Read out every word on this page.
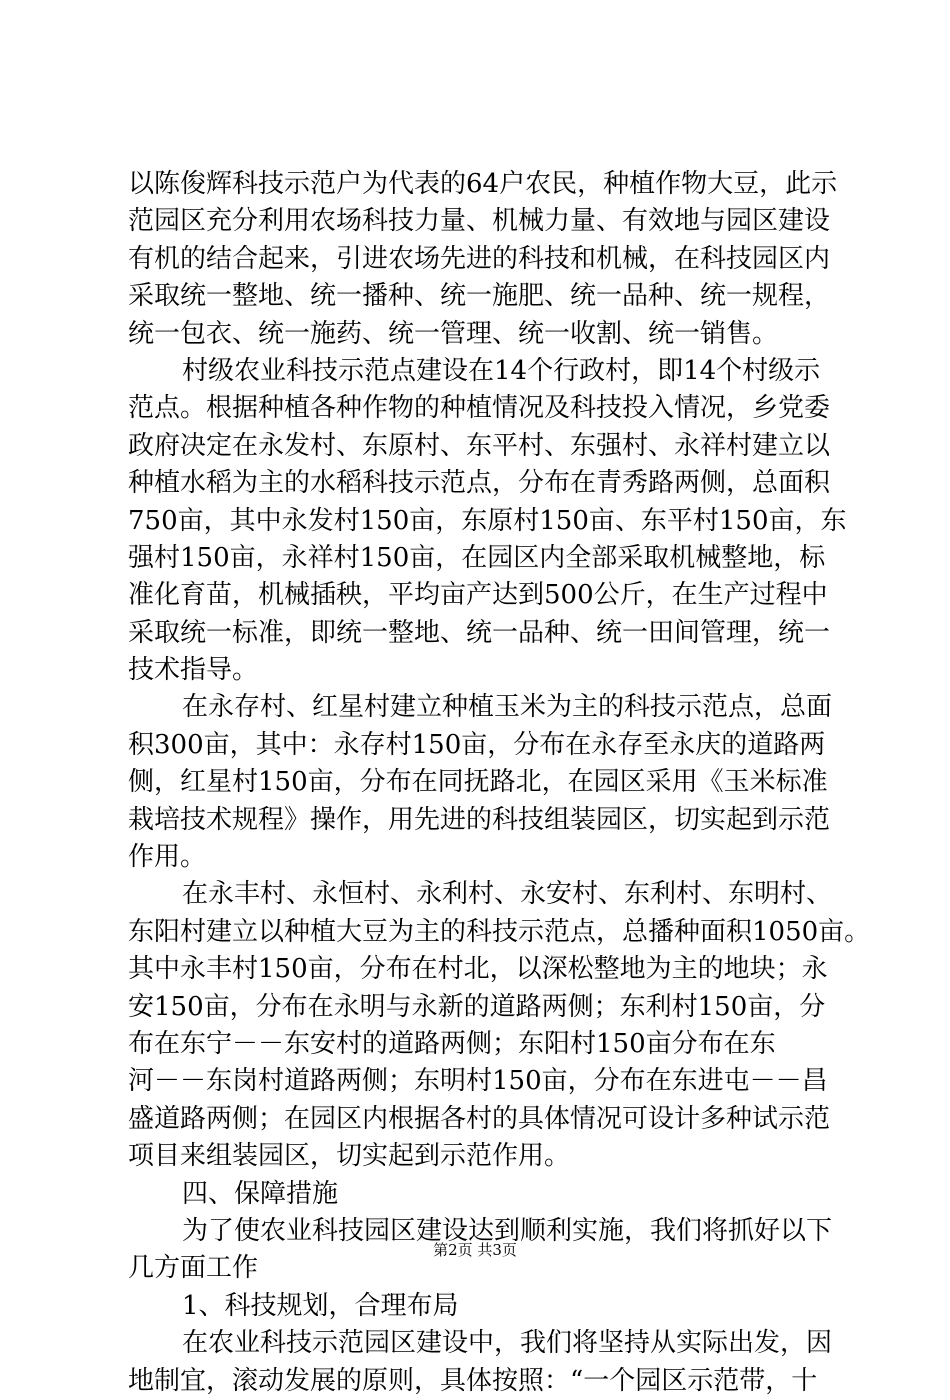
以陈俊辉科技示范户为代表的64户农民，种植作物大豆，此示
范园区充分利用农场科技力量、机械力量、有效地与园区建设
有机的结合起来，引进农场先进的科技和机械，在科技园区内
采取统一整地、统一播种、统一施肥、统一品种、统一规程，
统一包衣、统一施药、统一管理、统一收割、统一销售。
村级农业科技示范点建设在14个行政村，即14个村级示
范点。根据种植各种作物的种植情况及科技投入情况，乡党委
政府决定在永发村、东原村、东平村、东强村、永祥村建立以
种植水稻为主的水稻科技示范点，分布在青秀路两侧，总面积
750亩，其中永发村150亩，东原村150亩、东平村150亩，东
强村150亩，永祥村150亩，在园区内全部采取机械整地，标
准化育苗，机械插秧，平均亩产达到500公斤，在生产过程中
采取统一标准，即统一整地、统一品种、统一田间管理，统一
技术指导。
在永存村、红星村建立种植玉米为主的科技示范点，总面
积300亩，其中：永存村150亩，分布在永存至永庆的道路两
侧，红星村150亩，分布在同抚路北，在园区采用《玉米标准
栽培技术规程》操作，用先进的科技组装园区，切实起到示范
作用。
在永丰村、永恒村、永利村、永安村、东利村、东明村、
东阳村建立以种植大豆为主的科技示范点，总播种面积1050亩。
其中永丰村150亩，分布在村北，以深松整地为主的地块；永
安150亩，分布在永明与永新的道路两侧；东利村150亩，分
布在东宁－－东安村的道路两侧；东阳村150亩分布在东
河－－东岗村道路两侧；东明村150亩，分布在东进屯－－昌
盛道路两侧；在园区内根据各村的具体情况可设计多种试示范
项目来组装园区，切实起到示范作用。
四、保障措施
为了使农业科技园区建设达到顺利实施，我们将抓好以下
几方面工作
1、科技规划，合理布局
在农业科技示范园区建设中，我们将坚持从实际出发，因
地制宜，滚动发展的原则，具体按照：“一个园区示范带，十
第2页 共3页
